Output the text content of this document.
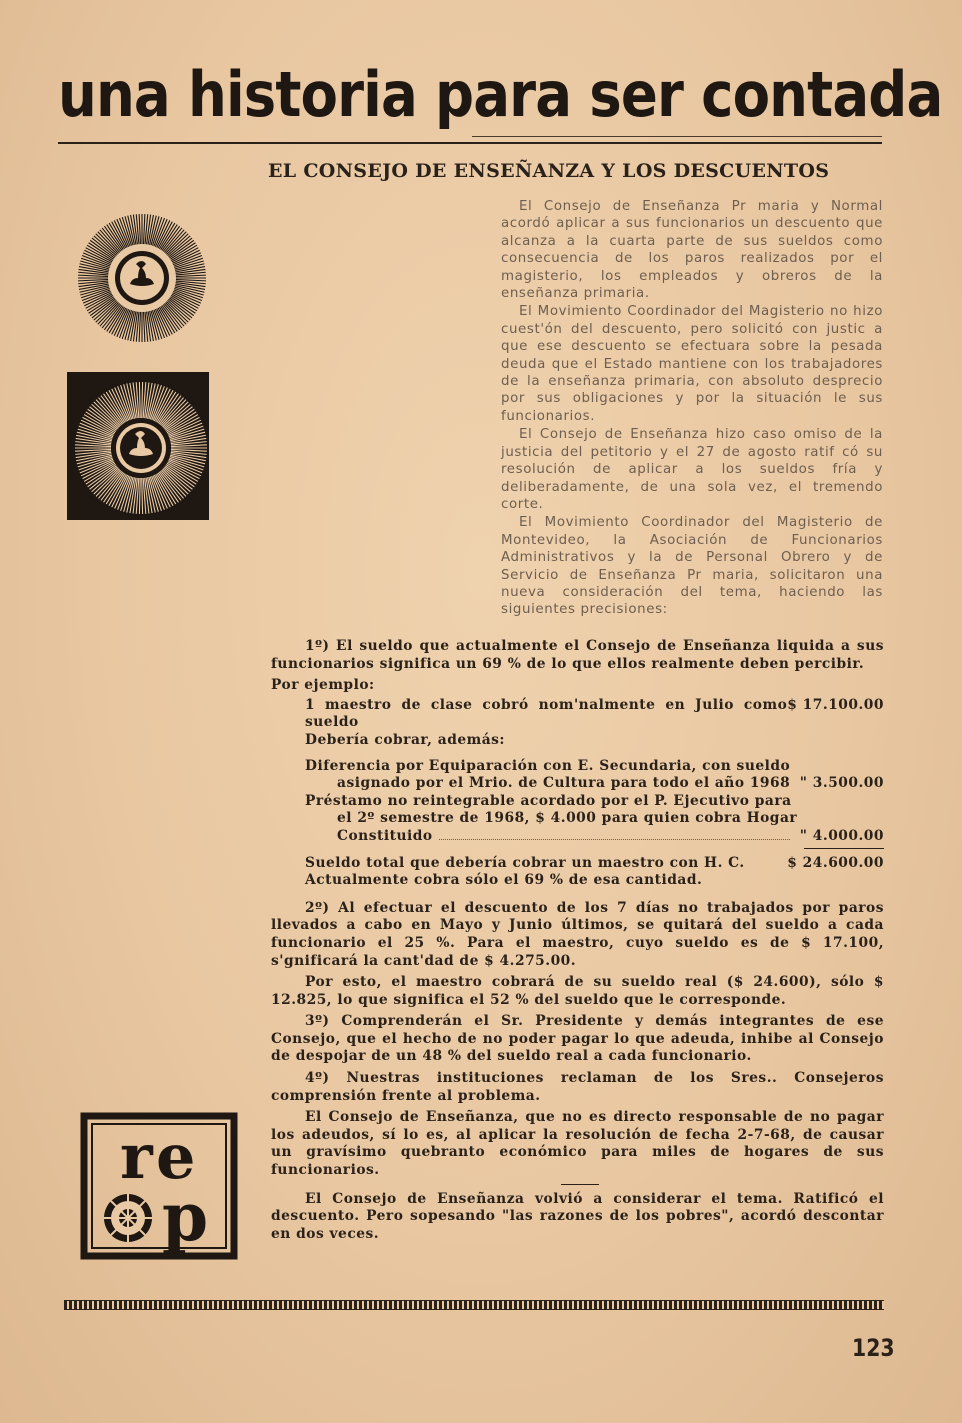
una historia para ser contada
EL CONSEJO DE ENSEÑANZA Y LOS DESCUENTOS

El Consejo de Enseñanza Pr maria y Normal acordó aplicar a sus funcionarios un descuento que alcanza a la cuarta parte de sus sueldos como consecuencia de los paros realizados por el magisterio, los empleados y obreros de la enseñanza primaria.

El Movimiento Coordinador del Magisterio no hizo cuest'ón del descuento, pero solicitó con justic a que ese descuento se efectuara sobre la pesada deuda que el Estado mantiene con los trabajadores de la enseñanza primaria, con absoluto desprecio por sus obligaciones y por la situación le sus funcionarios.

El Consejo de Enseñanza hizo caso omiso de la justicia del petitorio y el 27 de agosto ratif có su resolución de aplicar a los sueldos fría y deliberadamente, de una sola vez, el tremendo corte.

El Movimiento Coordinador del Magisterio de Montevideo, la Asociación de Funcionarios Administrativos y la de Personal Obrero y de Servicio de Enseñanza Pr maria, solicitaron una nueva consideración del tema, haciendo las siguientes precisiones:

1º) El sueldo que actualmente el Consejo de Enseñanza liquida a sus funcionarios significa un 69 % de lo que ellos realmente deben percibir.

Por ejemplo:

1 maestro de clase cobró nom'nalmente en Julio como sueldo
$ 17.100.00
Debería cobrar, además:
Diferencia por Equiparación con E. Secundaria, con sueldo
asignado por el Mrio. de Cultura para todo el año 1968 " 3.500.00
Préstamo no reintegrable acordado por el P. Ejecutivo para
el 2º semestre de 1968, $ 4.000 para quien cobra Hogar
Constituido	" 4.000.00
Sueldo total que debería cobrar un maestro con H. C.	$ 24.600.00
Actualmente cobra sólo el 69 % de esa cantidad.

2º) Al efectuar el descuento de los 7 días no trabajados por paros llevados a cabo en Mayo y Junio últimos, se quitará del sueldo a cada funcionario el 25 %. Para el maestro, cuyo sueldo es de $ 17.100, s'gnificará la cant'dad de $ 4.275.00.

Por esto, el maestro cobrará de su sueldo real ($ 24.600), sólo $ 12.825, lo que significa el 52 % del sueldo que le corresponde.

3º) Comprenderán el Sr. Presidente y demás integrantes de ese Consejo, que el hecho de no poder pagar lo que adeuda, inhibe al Consejo de despojar de un 48 % del sueldo real a cada funcionario.

4º) Nuestras instituciones reclaman de los Sres.. Consejeros comprensión frente al problema.

El Consejo de Enseñanza, que no es directo responsable de no pagar los adeudos, sí lo es, al aplicar la resolución de fecha 2-7-68, de causar un gravísimo quebranto económico para miles de hogares de sus funcionarios.

El Consejo de Enseñanza volvió a considerar el tema. Ratificó el descuento. Pero sopesando "las razones de los pobres", acordó descontar en dos veces.

r e
p
123
